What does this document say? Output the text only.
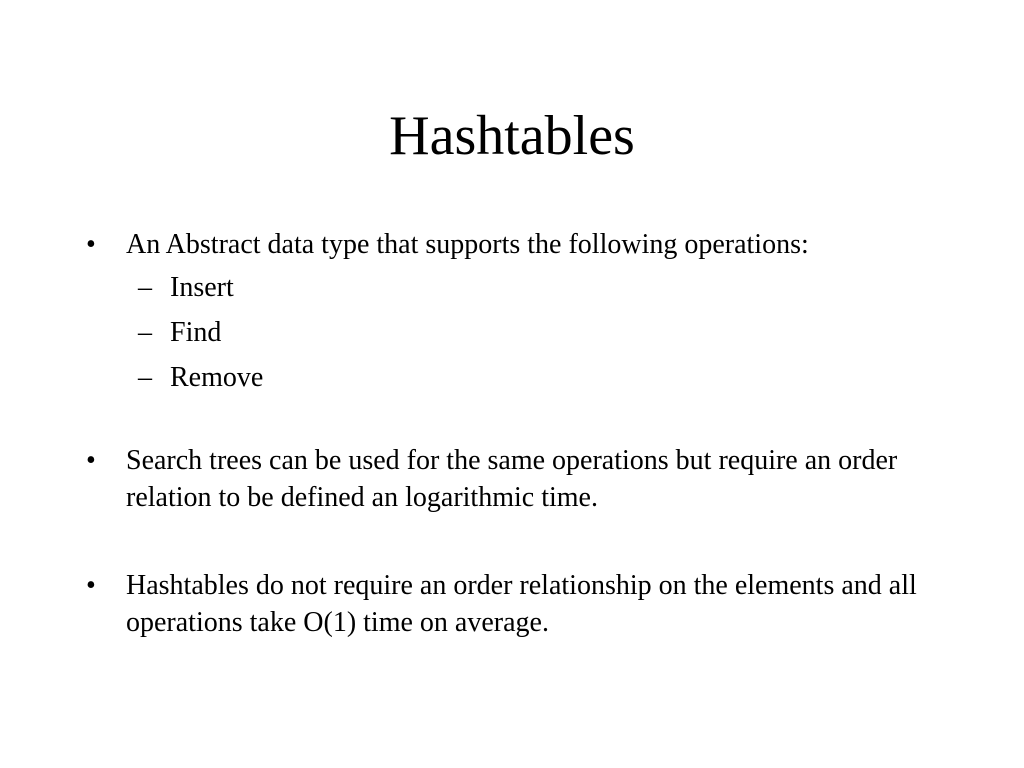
Hashtables
• An Abstract data type that supports the following operations:
– Insert
– Find
– Remove
• Search trees can be used for the same operations but require an order relation to be defined an logarithmic time.
• Hashtables do not require an order relationship on the elements and all operations take O(1) time on average.
